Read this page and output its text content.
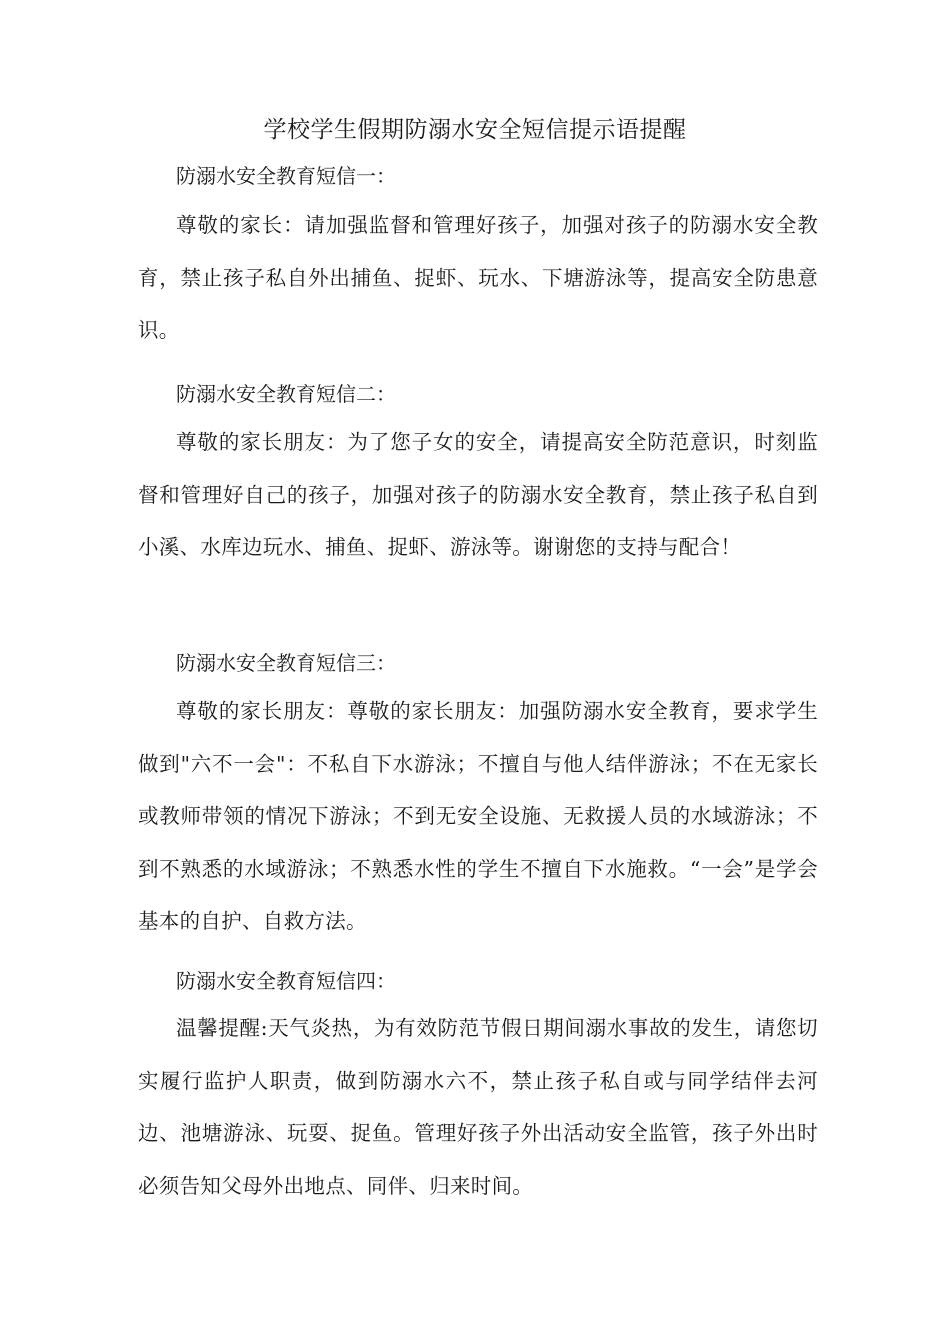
学校学生假期防溺水安全短信提示语提醒
防溺水安全教育短信一：
尊敬的家长：请加强监督和管理好孩子，加强对孩子的防溺水安全教育，禁止孩子私自外出捕鱼、捉虾、玩水、下塘游泳等，提高安全防患意识。
防溺水安全教育短信二：
尊敬的家长朋友：为了您子女的安全，请提高安全防范意识，时刻监督和管理好自己的孩子，加强对孩子的防溺水安全教育，禁止孩子私自到小溪、水库边玩水、捕鱼、捉虾、游泳等。谢谢您的支持与配合！
防溺水安全教育短信三：
尊敬的家长朋友：尊敬的家长朋友：加强防溺水安全教育，要求学生做到"六不一会"：不私自下水游泳；不擅自与他人结伴游泳；不在无家长或教师带领的情况下游泳；不到无安全设施、无救援人员的水域游泳；不到不熟悉的水域游泳；不熟悉水性的学生不擅自下水施救。“一会”是学会基本的自护、自救方法。
防溺水安全教育短信四：
温馨提醒:天气炎热，为有效防范节假日期间溺水事故的发生，请您切实履行监护人职责，做到防溺水六不，禁止孩子私自或与同学结伴去河边、池塘游泳、玩耍、捉鱼。管理好孩子外出活动安全监管，孩子外出时必须告知父母外出地点、同伴、归来时间。
